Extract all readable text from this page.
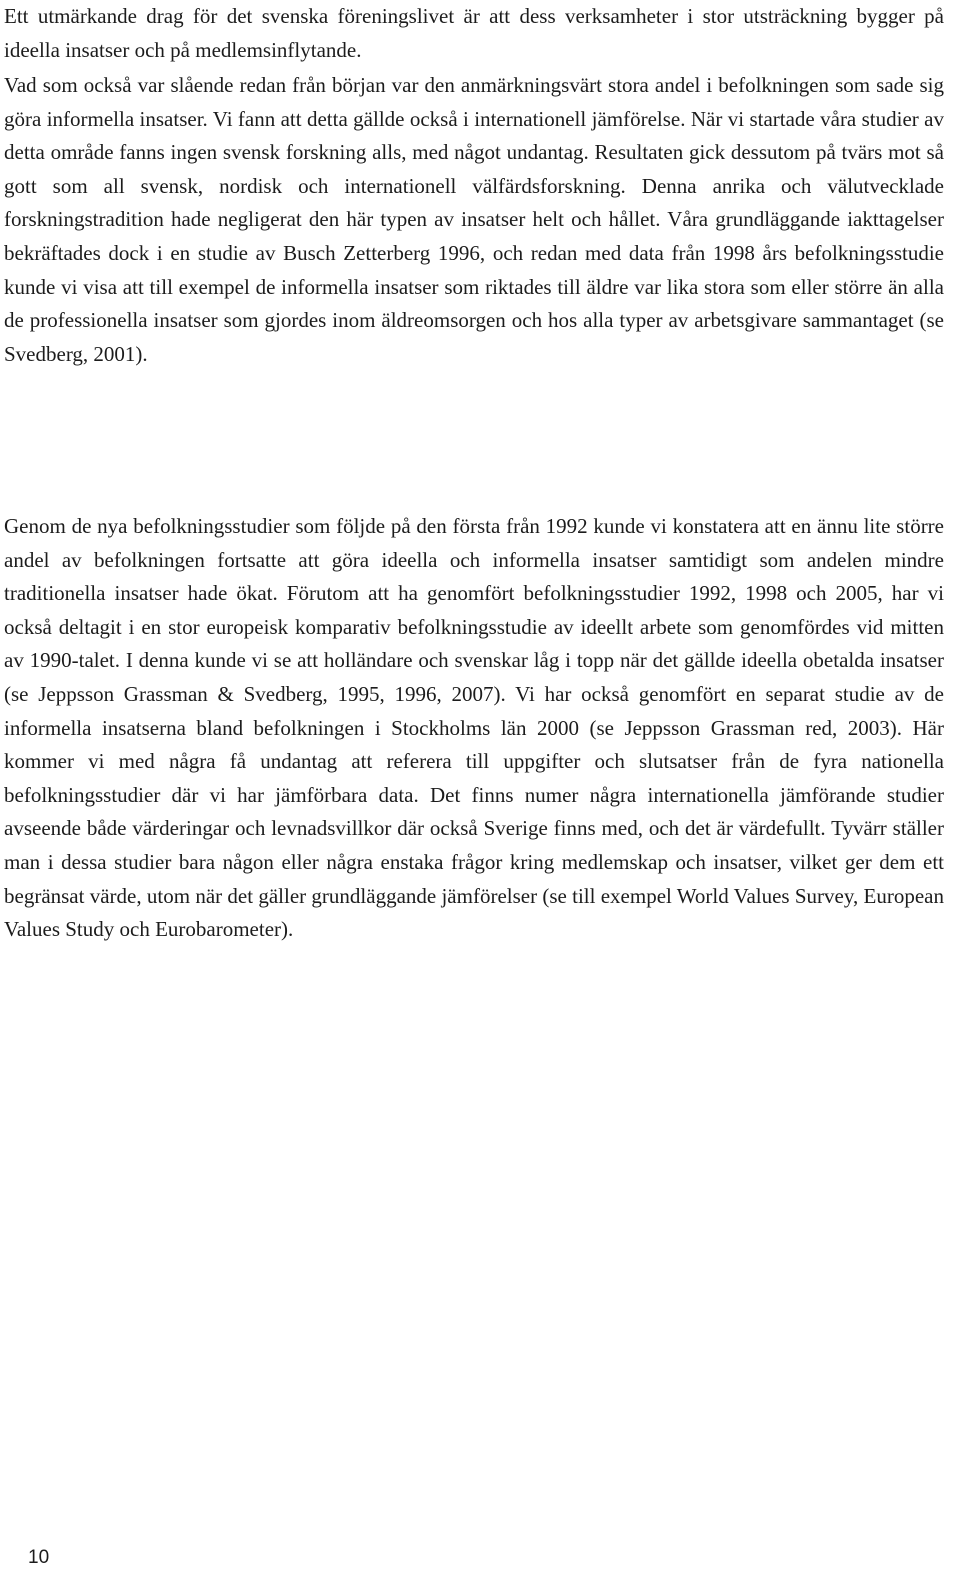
Ett utmärkande drag för det svenska föreningslivet är att dess verksamheter i stor utsträckning bygger på ideella insatser och på medlemsinflytande.

Vad som också var slående redan från början var den anmärkningsvärt stora andel i befolkningen som sade sig göra informella insatser. Vi fann att detta gällde också i internationell jämförelse. När vi startade våra studier av detta område fanns ingen svensk forskning alls, med något undantag. Resultaten gick dessutom på tvärs mot så gott som all svensk, nordisk och internationell välfärdsforskning. Denna anrika och välutvecklade forskningstradition hade negligerat den här typen av insatser helt och hållet. Våra grundläggande iakttagelser bekräftades dock i en studie av Busch Zetterberg 1996, och redan med data från 1998 års befolkningsstudie kunde vi visa att till exempel de informella insatser som riktades till äldre var lika stora som eller större än alla de professionella insatser som gjordes inom äldreomsorgen och hos alla typer av arbetsgivare sammantaget (se Svedberg, 2001).

Genom de nya befolkningsstudier som följde på den första från 1992 kunde vi konstatera att en ännu lite större andel av befolkningen fortsatte att göra ideella och informella insatser samtidigt som andelen mindre traditionella insatser hade ökat. Förutom att ha genomfört befolkningsstudier 1992, 1998 och 2005, har vi också deltagit i en stor europeisk komparativ befolkningsstudie av ideellt arbete som genomfördes vid mitten av 1990-talet. I denna kunde vi se att holländare och svenskar låg i topp när det gällde ideella obetalda insatser (se Jeppsson Grassman & Svedberg, 1995, 1996, 2007). Vi har också genomfört en separat studie av de informella insatserna bland befolkningen i Stockholms län 2000 (se Jeppsson Grassman red, 2003). Här kommer vi med några få undantag att referera till uppgifter och slutsatser från de fyra nationella befolkningsstudier där vi har jämförbara data. Det finns numer några internationella jämförande studier avseende både värderingar och levnadsvillkor där också Sverige finns med, och det är värdefullt. Tyvärr ställer man i dessa studier bara någon eller några enstaka frågor kring medlemskap och insatser, vilket ger dem ett begränsat värde, utom när det gäller grundläggande jämförelser (se till exempel World Values Survey, European Values Study och Eurobarometer).

10
